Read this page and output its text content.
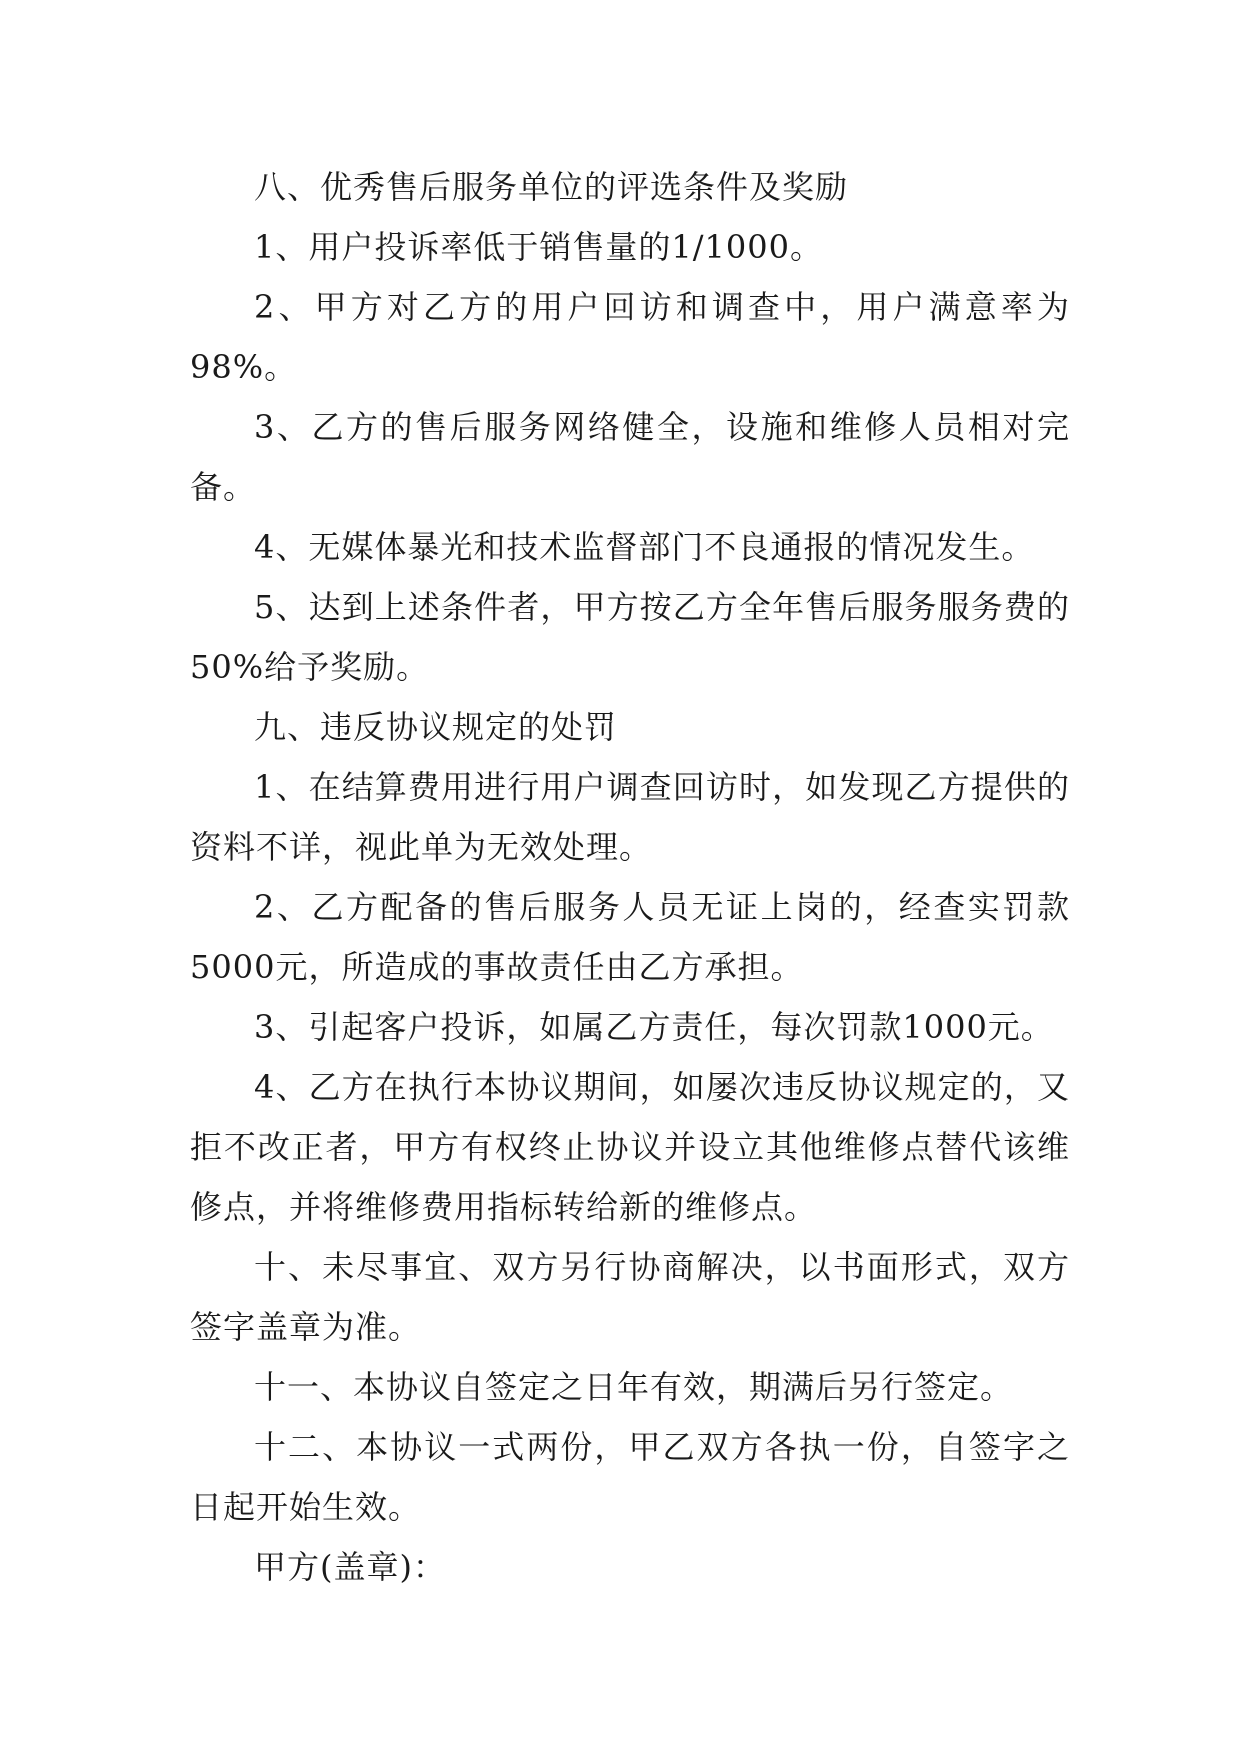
八、优秀售后服务单位的评选条件及奖励

1、用户投诉率低于销售量的1/1000。

2、甲方对乙方的用户回访和调查中，用户满意率为98%。

3、乙方的售后服务网络健全，设施和维修人员相对完备。

4、无媒体暴光和技术监督部门不良通报的情况发生。

5、达到上述条件者，甲方按乙方全年售后服务服务费的50%给予奖励。

九、违反协议规定的处罚

1、在结算费用进行用户调查回访时，如发现乙方提供的资料不详，视此单为无效处理。

2、乙方配备的售后服务人员无证上岗的，经查实罚款5000元，所造成的事故责任由乙方承担。

3、引起客户投诉，如属乙方责任，每次罚款1000元。

4、乙方在执行本协议期间，如屡次违反协议规定的，又拒不改正者，甲方有权终止协议并设立其他维修点替代该维修点，并将维修费用指标转给新的维修点。

十、未尽事宜、双方另行协商解决，以书面形式，双方签字盖章为准。

十一、本协议自签定之日年有效，期满后另行签定。

十二、本协议一式两份，甲乙双方各执一份，自签字之日起开始生效。

甲方(盖章)：
